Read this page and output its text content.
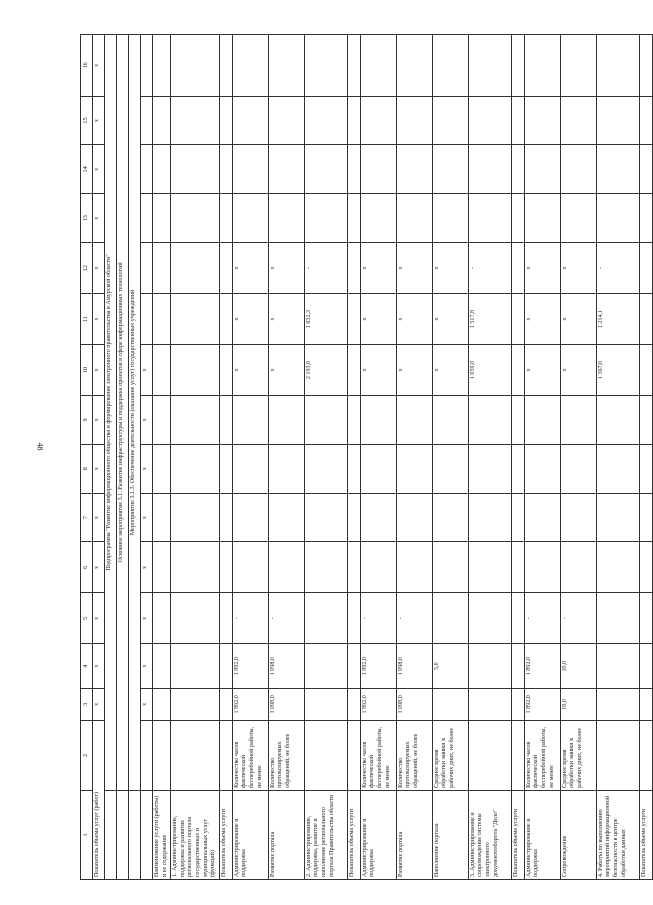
48
1	2	3	4	5	6	7	8	9	10	11	12	13	14	15	16
Показатель объема услуг (работ)		х	х	х	х	х	х	х	х	х	х	х	х	х	х
	Подпрограмма "Развитие информационного общества и формирование электронного правительства в Амурской области"														
	Основное мероприятие 3.1. Развитие инфраструктуры и поддержка проектов в сфере информационных технологий														
	Мероприятие 3.1.3. Обеспечение деятельности (оказание услуг) государственных учреждений														
		х	х	х	х	х	х	х	х						
Наименование услуги (работы) и ее содержание															
1. Администрирование, поддержка и развитие регионального портала государственных и муниципальных услуг (функций)															
Показатель объема услуги															
Администрирование и поддержка	Количество часов фактической бесперебойной работы, не менее	1 892,0	1 892,0	-					х	х	х				
Развитие портала	Количество протоколируемых обращений, не более	1 098,0	1 098,0	-					х	х	х				
2. Администрирование, поддержка, развитие и наполнение регионального портала Правительства области									2 193,0	1 032,3	-				
Показатель объема услуги															
Администрирование и поддержка	Количество часов фактической бесперебойной работы, не менее	1 892,0	1 892,0	-					х	х	х				
Развитие портала	Количество протоколируемых обращений, не более	1 098,0	1 098,0	-					х	х	х				
Наполнение портала	Среднее время обработки заявки в рабочих днях, не более		5,0						х	х	х				
3. Администрирование и сопровождение системы электронного документооборота "Дело"									1 059,0	1 517,8	-				
Показатель объема услуги															
Администрирование и поддержка	Количество часов фактической бесперебойной работы, не менее	1 892,0	1 892,0	-					х	х	х				
Сопровождение	Среднее время обработки заявки в рабочих днях, не более	10,0	10,0	-					х	х	х				
4. Работы по выполнению мероприятий информационной безопасности в центре обработки данных									1 367,0	1 214,1	-				
Показатель объема услуги															
